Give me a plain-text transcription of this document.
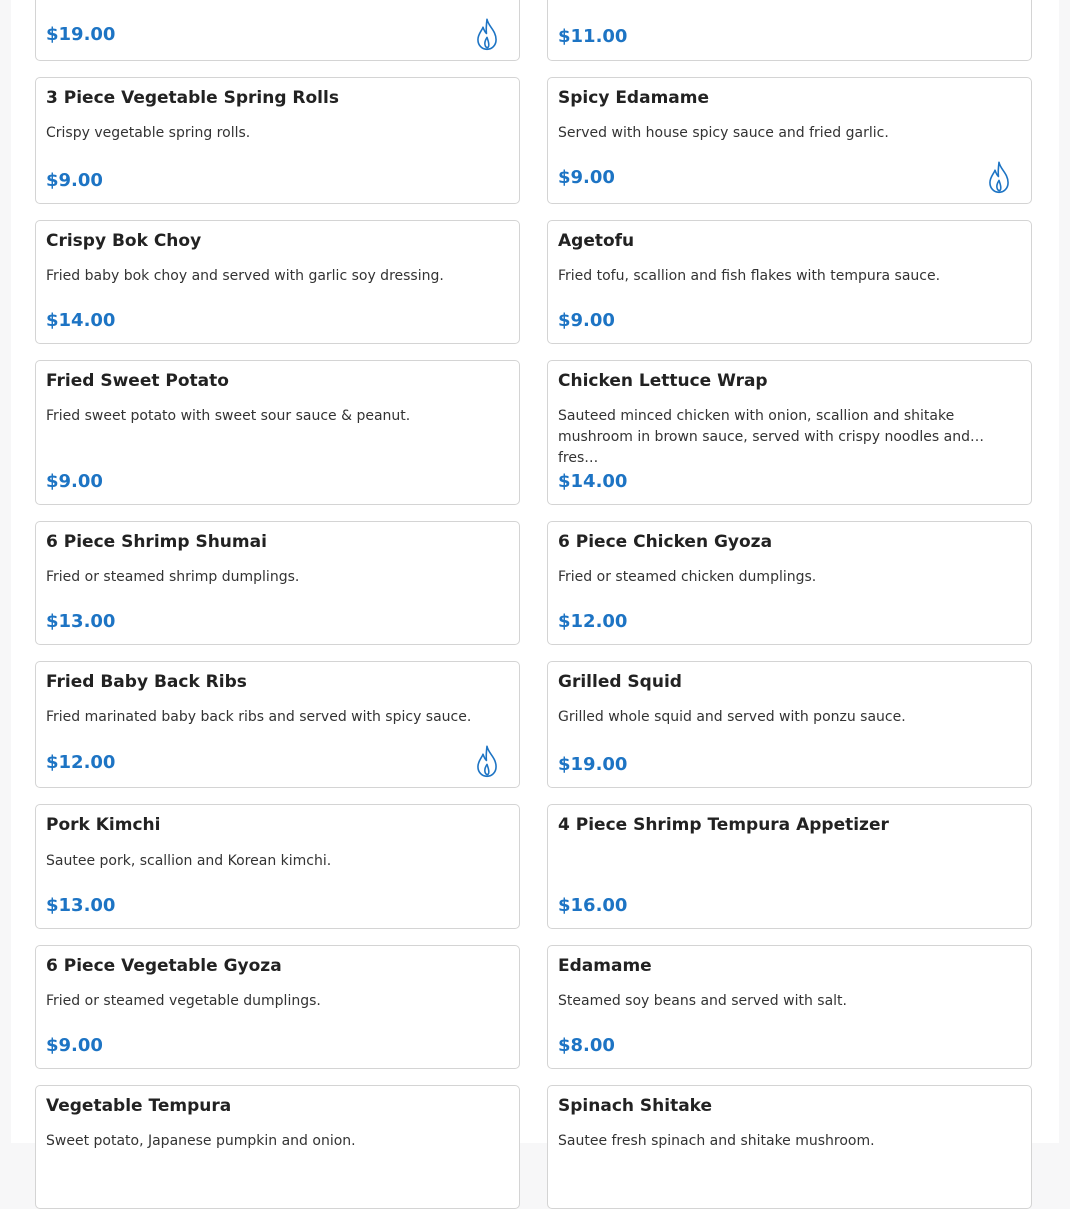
$19.00	$11.00
3 Piece Vegetable Spring Rolls
Crispy vegetable spring rolls.
$9.00
Spicy Edamame
Served with house spicy sauce and fried garlic.
$9.00
Crispy Bok Choy
Fried baby bok choy and served with garlic soy dressing.
$14.00
Agetofu
Fried tofu, scallion and fish flakes with tempura sauce.
$9.00
Fried Sweet Potato
Fried sweet potato with sweet sour sauce & peanut.
$9.00
Chicken Lettuce Wrap
Sauteed minced chicken with onion, scallion and shitake mushroom in brown sauce, served with crispy noodles and fres…
$14.00
6 Piece Shrimp Shumai
Fried or steamed shrimp dumplings.
$13.00
6 Piece Chicken Gyoza
Fried or steamed chicken dumplings.
$12.00
Fried Baby Back Ribs
Fried marinated baby back ribs and served with spicy sauce.
$12.00
Grilled Squid
Grilled whole squid and served with ponzu sauce.
$19.00
Pork Kimchi
Sautee pork, scallion and Korean kimchi.
$13.00
4 Piece Shrimp Tempura Appetizer
$16.00
6 Piece Vegetable Gyoza
Fried or steamed vegetable dumplings.
$9.00
Edamame
Steamed soy beans and served with salt.
$8.00
Vegetable Tempura
Sweet potato, Japanese pumpkin and onion.
Spinach Shitake
Sautee fresh spinach and shitake mushroom.
